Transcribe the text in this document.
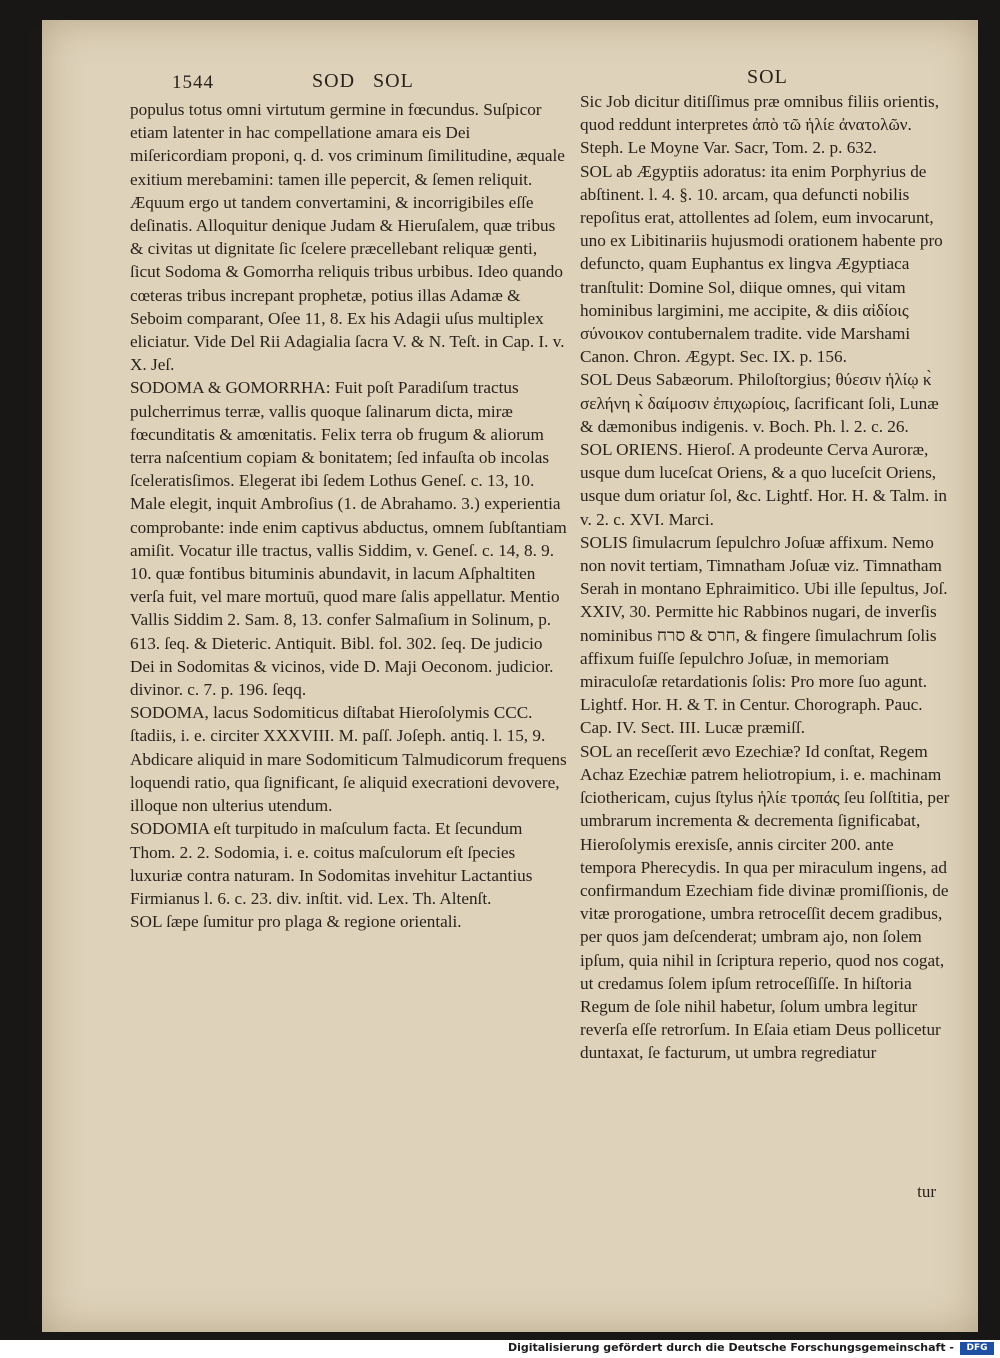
1544	SOD   SOL	SOL

populus totus omni virtutum germine in fœcundus. Suſpicor etiam latenter in hac compellatione amara eis Dei miſericordiam proponi, q. d. vos criminum ſimilitudine, æquale exitium merebamini: tamen ille pepercit, & ſemen reliquit. Æquum ergo ut tandem convertamini, & incorrigibiles eſſe deſinatis. Alloquitur denique Judam & Hieruſalem, quæ tribus & civitas ut dignitate ſic ſcelere præcellebant reliquæ genti, ſicut Sodoma & Gomorrha reliquis tribus urbibus. Ideo quando cœteras tribus increpant prophetæ, potius illas Adamæ & Seboim comparant, Oſee 11, 8. Ex his Adagii uſus multiplex eliciatur. Vide Del Rii Adagialia ſacra V. & N. Teſt. in Cap. I. v. X. Jeſ.

SODOMA & GOMORRHA: Fuit poſt Paradiſum tractus pulcherrimus terræ, vallis quoque ſalinarum dicta, miræ fœcunditatis & amœnitatis. Felix terra ob frugum & aliorum terra naſcentium copiam & bonitatem; ſed infauſta ob incolas ſceleratisſimos. Elegerat ibi ſedem Lothus Geneſ. c. 13, 10. Male elegit, inquit Ambroſius (1. de Abrahamo. 3.) experientia comprobante: inde enim captivus abductus, omnem ſubſtantiam amiſit. Vocatur ille tractus, vallis Siddim, v. Geneſ. c. 14, 8. 9. 10. quæ fontibus bituminis abundavit, in lacum Aſphaltiten verſa fuit, vel mare mortuū, quod mare ſalis appellatur. Mentio Vallis Siddim 2. Sam. 8, 13. confer Salmaſium in Solinum, p. 613. ſeq. & Dieteric. Antiquit. Bibl. fol. 302. ſeq. De judicio Dei in Sodomitas & vicinos, vide D. Maji Oeconom. judicior. divinor. c. 7. p. 196. ſeqq.

SODOMA, lacus Sodomiticus diſtabat Hieroſolymis CCC. ſtadiis, i. e. circiter XXXVIII. M. paſſ. Joſeph. antiq. l. 15, 9. Abdicare aliquid in mare Sodomiticum Talmudicorum frequens loquendi ratio, qua ſignificant, ſe aliquid execrationi devovere, illoque non ulterius utendum.

SODOMIA eſt turpitudo in maſculum facta. Et ſecundum Thom. 2. 2. Sodomia, i. e. coitus maſculorum eſt ſpecies luxuriæ contra naturam. In Sodomitas invehitur Lactantius Firmianus l. 6. c. 23. div. inſtit. vid. Lex. Th. Altenſt.

SOL ſæpe ſumitur pro plaga & regione orientali.

Sic Job dicitur ditiſſimus præ omnibus filiis orientis, quod reddunt interpretes ἀπὸ τῶ ἡλίε ἀνατολῶν. Steph. Le Moyne Var. Sacr, Tom. 2. p. 632.

SOL ab Ægyptiis adoratus: ita enim Porphyrius de abſtinent. l. 4. §. 10. arcam, qua defuncti nobilis repoſitus erat, attollentes ad ſolem, eum invocarunt, uno ex Libitinariis hujusmodi orationem habente pro defuncto, quam Euphantus ex lingva Ægyptiaca tranſtulit: Domine Sol, diique omnes, qui vitam hominibus largimini, me accipite, & diis αἰδίοις σύνοικον contubernalem tradite. vide Marshami Canon. Chron. Ægypt. Sec. IX. p. 156.

SOL Deus Sabæorum. Philoſtorgius; θύεσιν ἡλίῳ κ̀ σελήνη κ̀ δαίμοσιν ἐπιχωρίοις, ſacrificant ſoli, Lunæ & dæmonibus indigenis. v. Boch. Ph. l. 2. c. 26.

SOL ORIENS. Hieroſ. A prodeunte Cerva Auroræ, usque dum luceſcat Oriens, & a quo luceſcit Oriens, usque dum oriatur ſol, &c. Lightf. Hor. H. & Talm. in v. 2. c. XVI. Marci.

SOLIS ſimulacrum ſepulchro Joſuæ affixum. Nemo non novit tertiam, Timnatham Joſuæ viz. Timnatham Serah in montano Ephraimitico. Ubi ille ſepultus, Joſ. XXIV, 30. Permitte hic Rabbinos nugari, de inverſis nominibus חרס & סרח, & fingere ſimulachrum ſolis affixum fuiſſe ſepulchro Joſuæ, in memoriam miraculoſæ retardationis ſolis: Pro more ſuo agunt. Lightf. Hor. H. & T. in Centur. Chorograph. Pauc. Cap. IV. Sect. III. Lucæ præmiſſ.

SOL an receſſerit ævo Ezechiæ? Id conſtat, Regem Achaz Ezechiæ patrem heliotropium, i. e. machinam ſciothericam, cujus ſtylus ἡλίε τροπάς ſeu ſolſtitia, per umbrarum incrementa & decrementa ſignificabat, Hieroſolymis erexisſe, annis circiter 200. ante tempora Pherecydis. In qua per miraculum ingens, ad confirmandum Ezechiam fide divinæ promiſſionis, de vitæ prorogatione, umbra retroceſſit decem gradibus, per quos jam deſcenderat; umbram ajo, non ſolem ipſum, quia nihil in ſcriptura reperio, quod nos cogat, ut credamus ſolem ipſum retroceſſiſſe. In hiſtoria Regum de ſole nihil habetur, ſolum umbra legitur reverſa eſſe retrorſum. In Eſaia etiam Deus pollicetur duntaxat, ſe facturum, ut umbra regrediatur

tur
Digitalisierung gefördert durch die Deutsche Forschungsgemeinschaft -	DFG
